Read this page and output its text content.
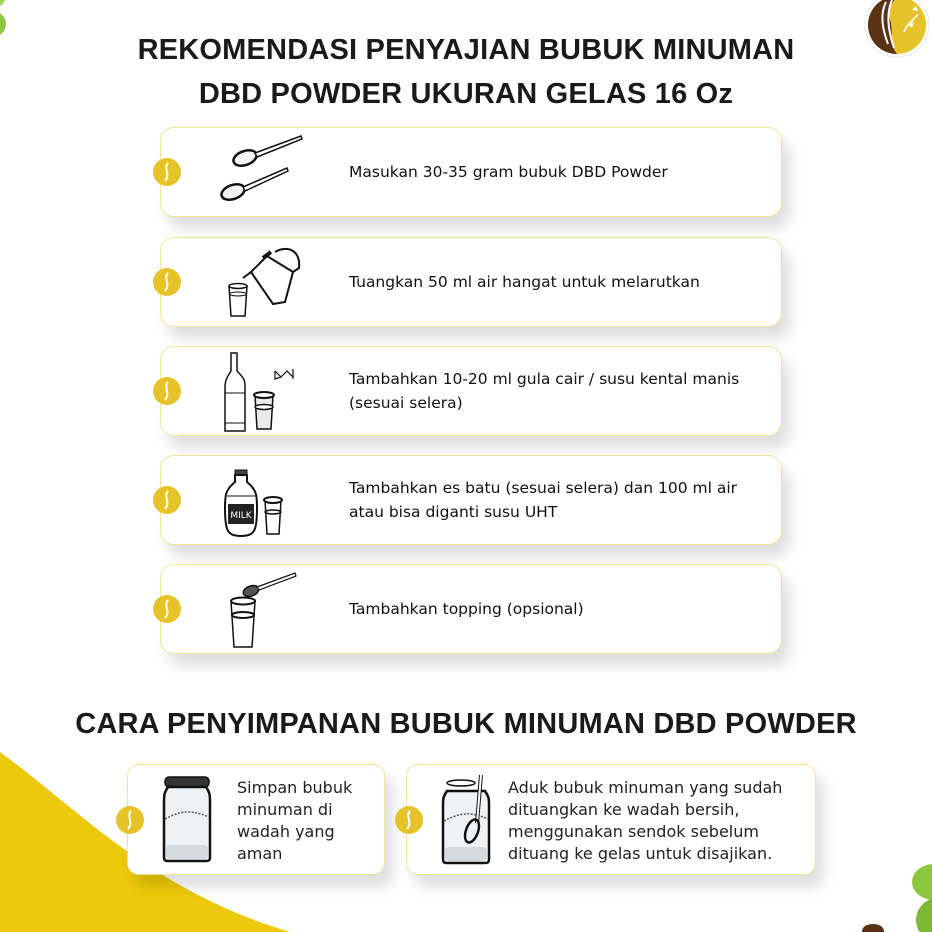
REKOMENDASI PENYAJIAN BUBUK MINUMAN
DBD POWDER UKURAN GELAS 16 Oz
Masukan 30-35 gram bubuk DBD Powder
Tuangkan 50 ml air hangat untuk melarutkan
Tambahkan 10-20 ml gula cair / susu kental manis (sesuai selera)
MILK
Tambahkan es batu (sesuai selera) dan 100 ml air atau bisa diganti susu UHT
Tambahkan topping (opsional)
CARA PENYIMPANAN BUBUK MINUMAN DBD POWDER
Simpan bubuk minuman di wadah yang aman
Aduk bubuk minuman yang sudah dituangkan ke wadah bersih, menggunakan sendok sebelum dituang ke gelas untuk disajikan.
